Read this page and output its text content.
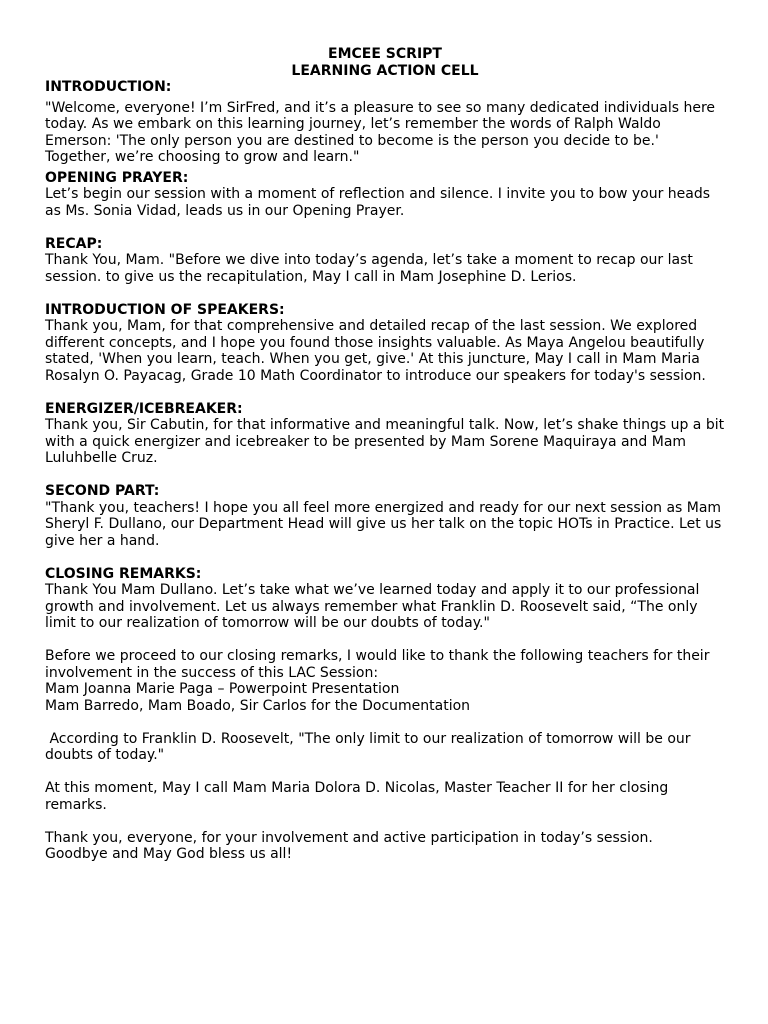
EMCEE SCRIPT

LEARNING ACTION CELL

INTRODUCTION:

"Welcome, everyone! I’m SirFred, and it’s a pleasure to see so many dedicated individuals here today. As we embark on this learning journey, let’s remember the words of Ralph Waldo Emerson: 'The only person you are destined to become is the person you decide to be.' Together, we’re choosing to grow and learn."

OPENING PRAYER:

Let’s begin our session with a moment of reflection and silence. I invite you to bow your heads as Ms. Sonia Vidad, leads us in our Opening Prayer.

RECAP:

Thank You, Mam. "Before we dive into today’s agenda, let’s take a moment to recap our last session. to give us the recapitulation, May I call in Mam Josephine D. Lerios.

INTRODUCTION OF SPEAKERS:

Thank you, Mam, for that comprehensive and detailed recap of the last session. We explored different concepts, and I hope you found those insights valuable. As Maya Angelou beautifully stated, 'When you learn, teach. When you get, give.' At this juncture, May I call in Mam Maria Rosalyn O. Payacag, Grade 10 Math Coordinator to introduce our speakers for today's session.

ENERGIZER/ICEBREAKER:

Thank you, Sir Cabutin, for that informative and meaningful talk. Now, let’s shake things up a bit with a quick energizer and icebreaker to be presented by Mam Sorene Maquiraya and Mam Luluhbelle Cruz.

SECOND PART:

"Thank you, teachers! I hope you all feel more energized and ready for our next session as Mam Sheryl F. Dullano, our Department Head will give us her talk on the topic HOTs in Practice. Let us give her a hand.

CLOSING REMARKS:

Thank You Mam Dullano. Let’s take what we’ve learned today and apply it to our professional growth and involvement. Let us always remember what Franklin D. Roosevelt said, “The only limit to our realization of tomorrow will be our doubts of today."

Before we proceed to our closing remarks, I would like to thank the following teachers for their involvement in the success of this LAC Session:

Mam Joanna Marie Paga – Powerpoint Presentation

Mam Barredo, Mam Boado, Sir Carlos for the Documentation

According to Franklin D. Roosevelt, "The only limit to our realization of tomorrow will be our doubts of today."

At this moment, May I call Mam Maria Dolora D. Nicolas, Master Teacher II for her closing remarks.

Thank you, everyone, for your involvement and active participation in today’s session.

Goodbye and May God bless us all!
